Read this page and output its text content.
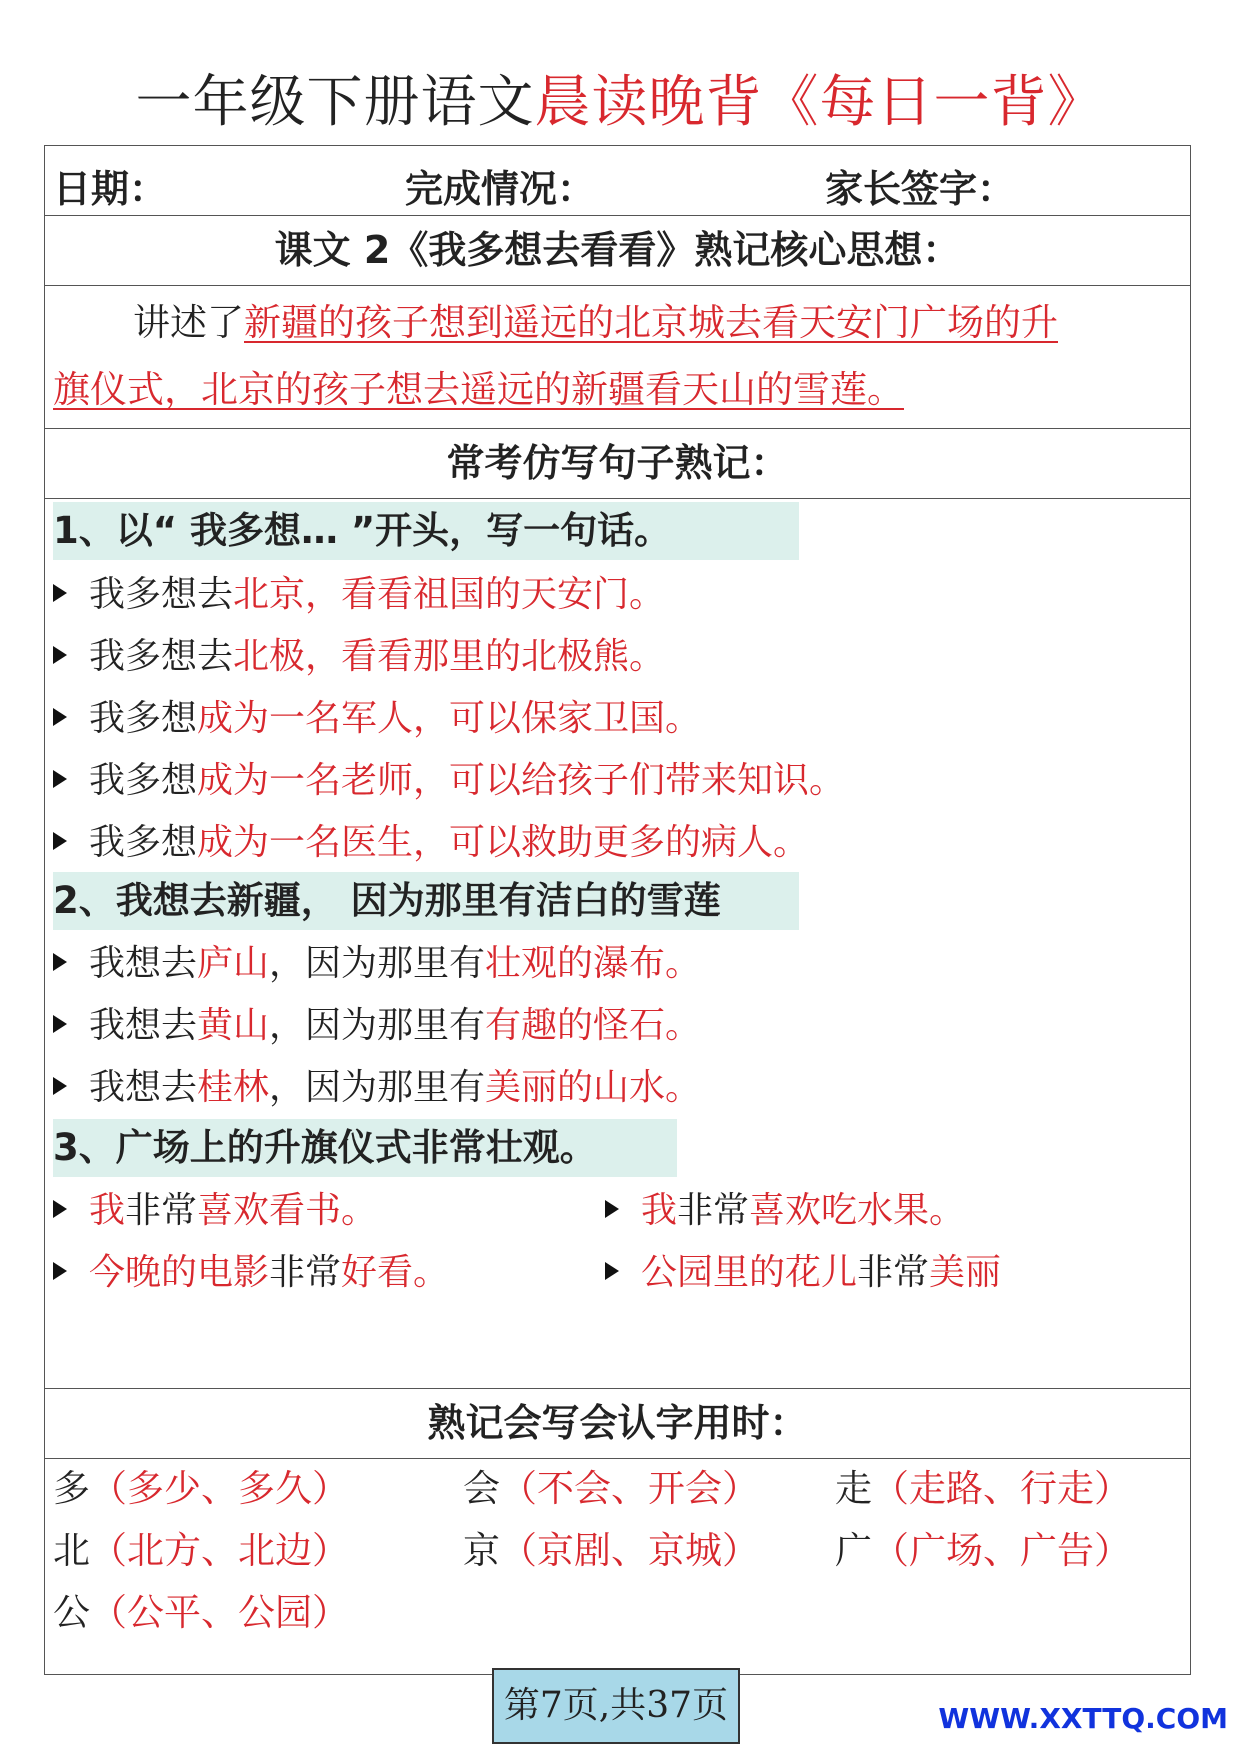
一年级下册语文晨读晚背《每日一背》
日期：	完成情况：	家长签字：
课文 2《我多想去看看》熟记核心思想：
讲述了新疆的孩子想到遥远的北京城去看天安门广场的升
旗仪式，北京的孩子想去遥远的新疆看天山的雪莲。
常考仿写句子熟记：
1、以“ 我多想… ”开头，写一句话。
我多想去北京，看看祖国的天安门。
我多想去北极，看看那里的北极熊。
我多想成为一名军人，可以保家卫国。
我多想成为一名老师，可以给孩子们带来知识。
我多想成为一名医生，可以救助更多的病人。
2、我想去新疆， 因为那里有洁白的雪莲
我想去庐山，因为那里有壮观的瀑布。
我想去黄山，因为那里有有趣的怪石。
我想去桂林，因为那里有美丽的山水。
3、广场上的升旗仪式非常壮观。
我非常喜欢看书。	我非常喜欢吃水果。
今晚的电影非常好看。	公园里的花儿非常美丽
熟记会写会认字用时：
多（多少、多久）	会（不会、开会） 走（走路、行走）
北（北方、北边）	京（京剧、京城） 广（广场、广告）
公（公平、公园）
第7页,共37页	WWW.XXTTQ.COM
